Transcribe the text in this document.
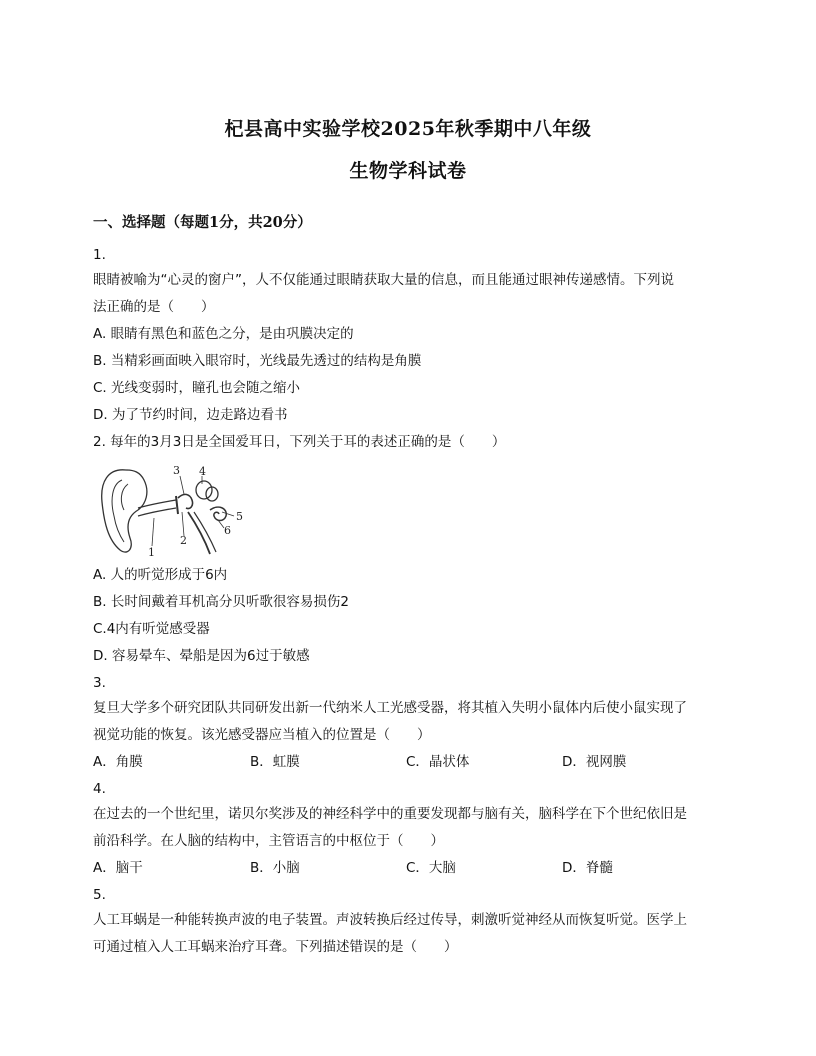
杞县高中实验学校2025年秋季期中八年级
生物学科试卷
一、选择题（每题1分，共20分）
1.
眼睛被喻为“心灵的窗户”，人不仅能通过眼睛获取大量的信息，而且能通过眼神传递感情。下列说
法正确的是（　　）
A. 眼睛有黑色和蓝色之分，是由巩膜决定的
B. 当精彩画面映入眼帘时，光线最先透过的结构是角膜
C. 光线变弱时，瞳孔也会随之缩小
D. 为了节约时间，边走路边看书
2. 每年的3月3日是全国爱耳日，下列关于耳的表述正确的是（　　）
1
2
3 4
5
6
A. 人的听觉形成于6内
B. 长时间戴着耳机高分贝听歌很容易损伤2
C.4内有听觉感受器
D. 容易晕车、晕船是因为6过于敏感
3.
复旦大学多个研究团队共同研发出新一代纳米人工光感受器，将其植入失明小鼠体内后使小鼠实现了
视觉功能的恢复。该光感受器应当植入的位置是（　　）
A．角膜	B．虹膜	C．晶状体	D．视网膜
4.
在过去的一个世纪里，诺贝尔奖涉及的神经科学中的重要发现都与脑有关，脑科学在下个世纪依旧是
前沿科学。在人脑的结构中，主管语言的中枢位于（　　）
A．脑干	B．小脑	C．大脑	D．脊髓
5.
人工耳蜗是一种能转换声波的电子装置。声波转换后经过传导，刺激听觉神经从而恢复听觉。医学上
可通过植入人工耳蜗来治疗耳聋。下列描述错误的是（　　）
